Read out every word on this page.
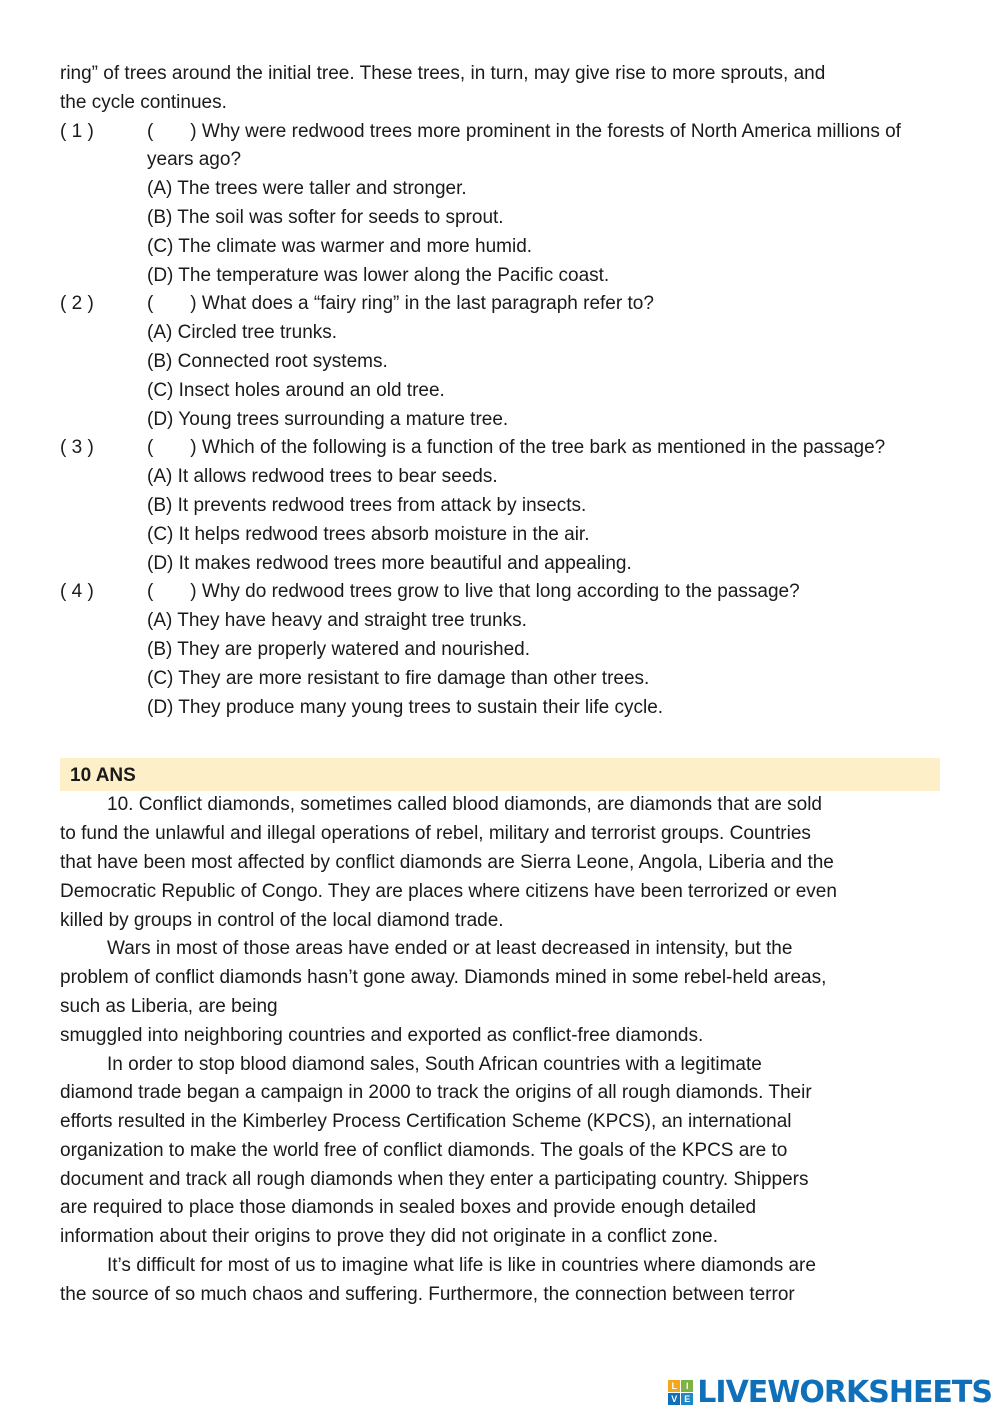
ring” of trees around the initial tree. These trees, in turn, may give rise to more sprouts, and
the cycle continues.
( 1 )	(       ) Why were redwood trees more prominent in the forests of North America millions of years ago?
(A) The trees were taller and stronger.
(B) The soil was softer for seeds to sprout.
(C) The climate was warmer and more humid.
(D) The temperature was lower along the Pacific coast.
( 2 )	(       ) What does a “fairy ring” in the last paragraph refer to?
(A) Circled tree trunks.
(B) Connected root systems.
(C) Insect holes around an old tree.
(D) Young trees surrounding a mature tree.
( 3 )	(       ) Which of the following is a function of the tree bark as mentioned in the passage?
(A) It allows redwood trees to bear seeds.
(B) It prevents redwood trees from attack by insects.
(C) It helps redwood trees absorb moisture in the air.
(D) It makes redwood trees more beautiful and appealing.
( 4 )	(       ) Why do redwood trees grow to live that long according to the passage?
(A) They have heavy and straight tree trunks.
(B) They are properly watered and nourished.
(C) They are more resistant to fire damage than other trees.
(D) They produce many young trees to sustain their life cycle.
10 ANS
10. Conflict diamonds, sometimes called blood diamonds, are diamonds that are sold
to fund the unlawful and illegal operations of rebel, military and terrorist groups. Countries
that have been most affected by conflict diamonds are Sierra Leone, Angola, Liberia and the
Democratic Republic of Congo. They are places where citizens have been terrorized or even
killed by groups in control of the local diamond trade.
Wars in most of those areas have ended or at least decreased in intensity, but the
problem of conflict diamonds hasn’t gone away. Diamonds mined in some rebel-held areas,
such as Liberia, are being
smuggled into neighboring countries and exported as conflict-free diamonds.
In order to stop blood diamond sales, South African countries with a legitimate
diamond trade began a campaign in 2000 to track the origins of all rough diamonds. Their
efforts resulted in the Kimberley Process Certification Scheme (KPCS), an international
organization to make the world free of conflict diamonds. The goals of the KPCS are to
document and track all rough diamonds when they enter a participating country. Shippers
are required to place those diamonds in sealed boxes and provide enough detailed
information about their origins to prove they did not originate in a conflict zone.
It’s difficult for most of us to imagine what life is like in countries where diamonds are
the source of so much chaos and suffering. Furthermore, the connection between terror
L I
V E LIVEWORKSHEETS
